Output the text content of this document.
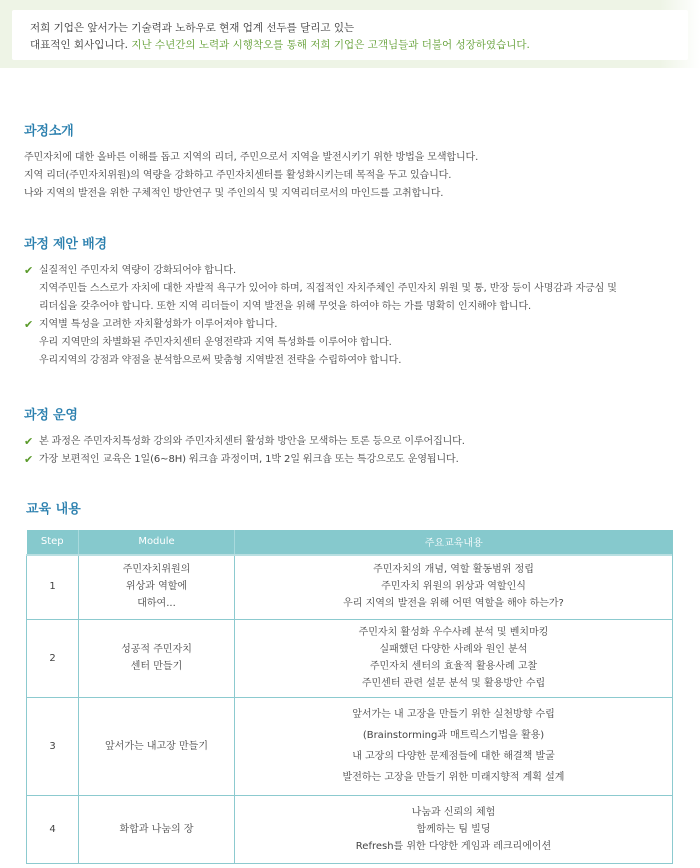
저희 기업은 앞서가는 기술력과 노하우로 현재 업계 선두를 달리고 있는

대표적인 회사입니다. 지난 수년간의 노력과 시행착오를 통해 저희 기업은 고객님들과 더불어 성장하였습니다.

과정소개
주민자치에 대한 올바른 이해를 돕고 지역의 리더, 주민으로서 지역을 발전시키기 위한 방법을 모색합니다.
지역 리더(주민자치위원)의 역량을 강화하고 주민자치센터를 활성화시키는데 목적을 두고 있습니다.
나와 지역의 발전을 위한 구체적인 방안연구 및 주인의식 및 지역리더로서의 마인드를 고취합니다.
과정 제안 배경
✔ 실질적인 주민자치 역량이 강화되어야 합니다.
지역주민들 스스로가 자치에 대한 자발적 욕구가 있어야 하며, 직접적인 자치주체인 주민자치 위원 및 통, 반장 등이 사명감과 자긍심 및
리더십을 갖추어야 합니다. 또한 지역 리더들이 지역 발전을 위해 무엇을 하여야 하는 가를 명확히 인지해야 합니다.
✔ 지역별 특성을 고려한 자치활성화가 이루어져야 합니다.
우리 지역만의 차별화된 주민자치센터 운영전략과 지역 특성화를 이루어야 합니다.
우리지역의 강점과 약점을 분석함으로써 맞춤형 지역발전 전략을 수립하여야 합니다.
과정 운영
✔ 본 과정은 주민자치특성화 강의와 주민자치센터 활성화 방안을 모색하는 토론 등으로 이루어집니다.
✔ 가장 보편적인 교육은 1일(6~8H) 워크숍 과정이며, 1박 2일 워크숍 또는 특강으로도 운영됩니다.
교육 내용
Step	Module	주요교육내용
1	주민자치위원의
위상과 역할에
대하여...	주민자치의 개념, 역할 활동범위 정립
주민자치 위원의 위상과 역할인식
우리 지역의 발전을 위해 어떤 역할을 해야 하는가?

2	성공적 주민자치
센터 만들기	주민자치 활성화 우수사례 분석 및 벤치마킹
실패했던 다양한 사례와 원인 분석
주민자치 센터의 효율적 활용사례 고찰
주민센터 관련 설문 분석 및 활용방안 수립

3	앞서가는 내고장 만들기	앞서가는 내 고장을 만들기 위한 실천방향 수립
(Brainstorming과 매트릭스기법을 활용)
내 고장의 다양한 문제점들에 대한 해결책 발굴
발전하는 고장을 만들기 위한 미래지향적 계획 설계

4	화합과 나눔의 장	나눔과 신뢰의 체험
함께하는 팀 빌딩
Refresh를 위한 다양한 게임과 레크리에이션
